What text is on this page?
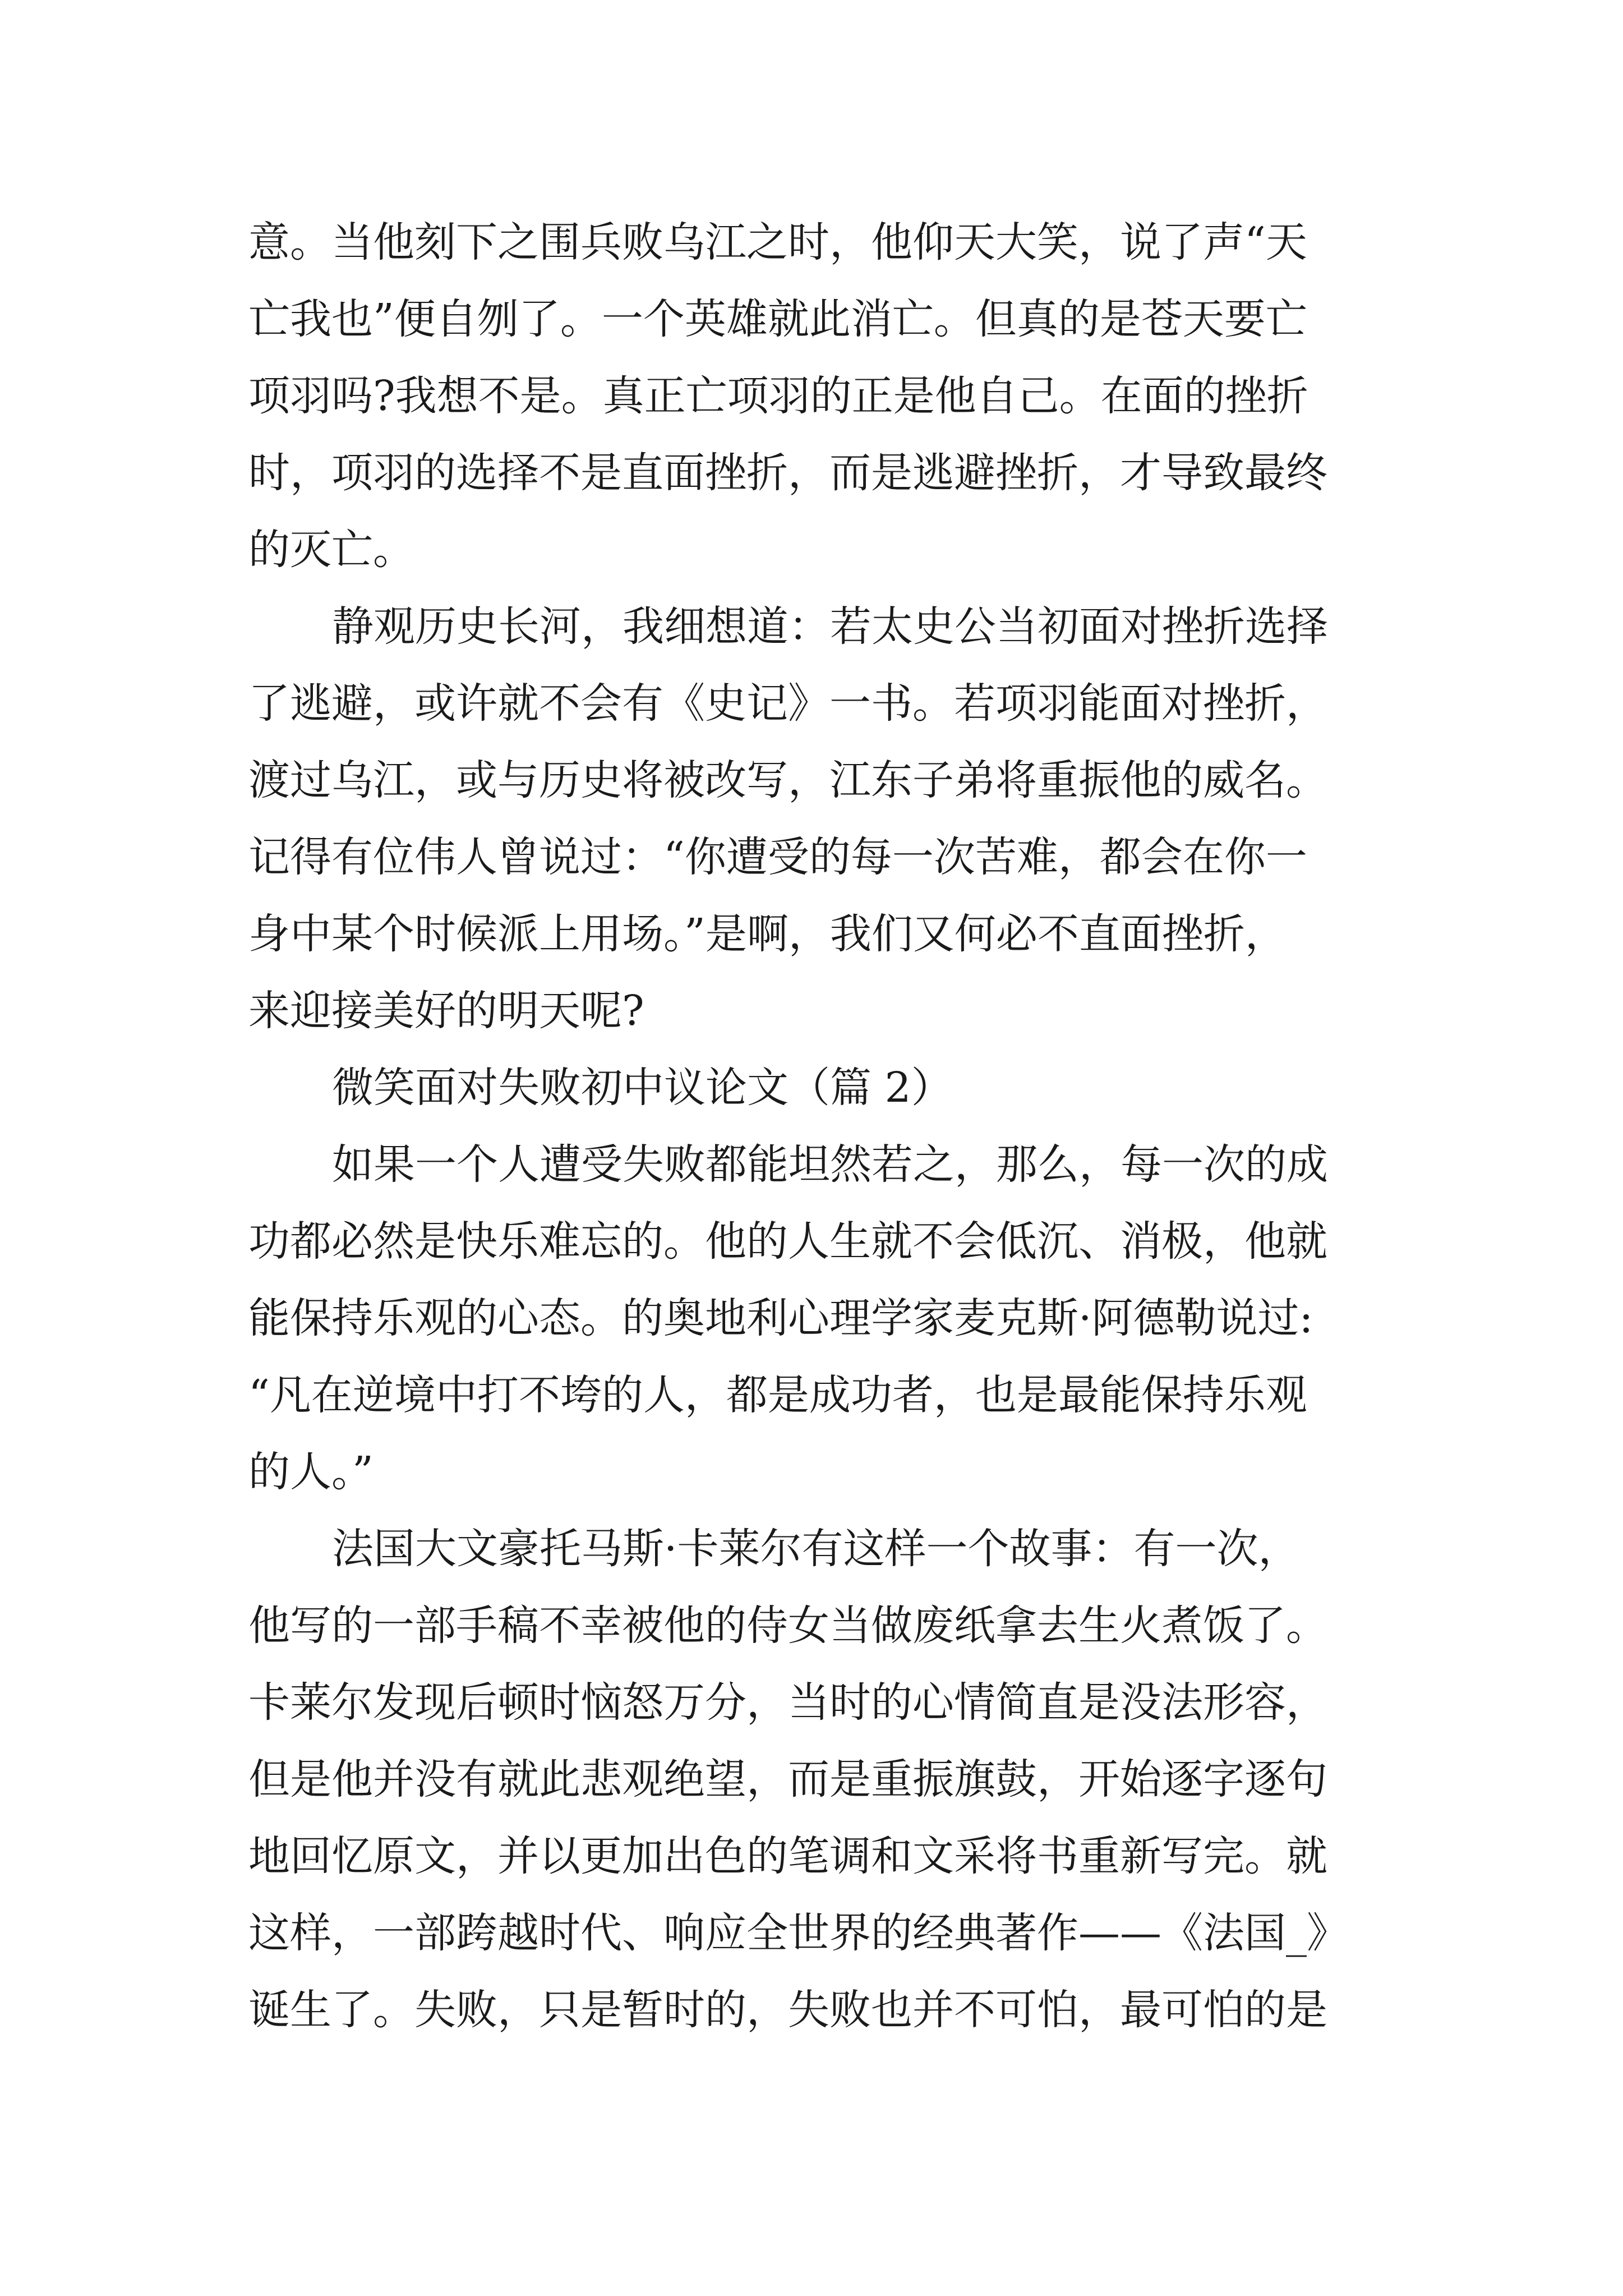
意。当他刻下之围兵败乌江之时，他仰天大笑，说了声“天
亡我也”便自刎了。一个英雄就此消亡。但真的是苍天要亡
项羽吗?我想不是。真正亡项羽的正是他自己。在面的挫折
时，项羽的选择不是直面挫折，而是逃避挫折，才导致最终
的灭亡。
静观历史长河，我细想道：若太史公当初面对挫折选择
了逃避，或许就不会有《史记》一书。若项羽能面对挫折，
渡过乌江，或与历史将被改写，江东子弟将重振他的威名。
记得有位伟人曾说过：“你遭受的每一次苦难，都会在你一
身中某个时候派上用场。”是啊，我们又何必不直面挫折，
来迎接美好的明天呢?
微笑面对失败初中议论文（篇 2）
如果一个人遭受失败都能坦然若之，那么，每一次的成
功都必然是快乐难忘的。他的人生就不会低沉、消极，他就
能保持乐观的心态。的奥地利心理学家麦克斯·阿德勒说过:
“凡在逆境中打不垮的人，都是成功者，也是最能保持乐观
的人。”
法国大文豪托马斯·卡莱尔有这样一个故事：有一次，
他写的一部手稿不幸被他的侍女当做废纸拿去生火煮饭了。
卡莱尔发现后顿时恼怒万分，当时的心情简直是没法形容，
但是他并没有就此悲观绝望，而是重振旗鼓，开始逐字逐句
地回忆原文，并以更加出色的笔调和文采将书重新写完。就
这样，一部跨越时代、响应全世界的经典著作——《法国_》
诞生了。失败，只是暂时的，失败也并不可怕，最可怕的是
